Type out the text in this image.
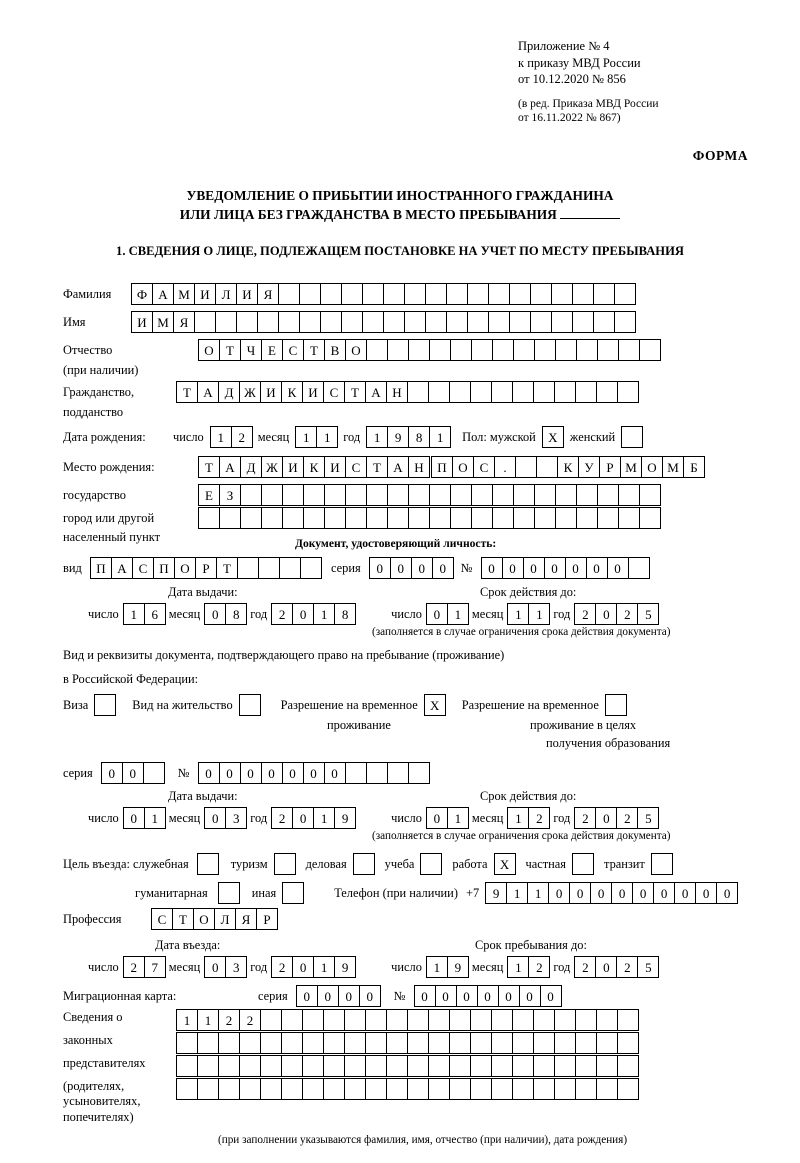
Приложение № 4
к приказу МВД России
от 10.12.2020 № 856
(в ред. Приказа МВД России
от 16.11.2022 № 867)
ФОРМА
УВЕДОМЛЕНИЕ О ПРИБЫТИИ ИНОСТРАННОГО ГРАЖДАНИНА
ИЛИ ЛИЦА БЕЗ ГРАЖДАНСТВА В МЕСТО ПРЕБЫВАНИЯ
1. СВЕДЕНИЯ О ЛИЦЕ, ПОДЛЕЖАЩЕМ ПОСТАНОВКЕ НА УЧЕТ ПО МЕСТУ ПРЕБЫВАНИЯ
Фамилия	Ф А М И Л И Я
Имя	И М Я
Отчество	О Т Ч Е С Т В О
(при наличии)
Гражданство,	Т А Д Ж И К И С Т А Н
подданство
Дата рождения:	число	1	2	месяц	1	1	год	1	9	8	1	Пол: мужской X женский
Место рождения:	Т А Д Ж И К И С Т А Н	П О С	.

	К У Р М О М Б
государство	Е	З
город или другой
населенный пункт	Документ, удостоверяющий личность:
вид	П А С П О Р	Т	серия	0	0	0	0	№	0	0	0	0	0	0	0
Дата выдачи:	Срок действия до:
число 1	6 месяц 0	8 год 2	0	1	8	число 0	1 месяц 1	1 год 2	0	2	5
(заполняется в случае ограничения срока действия документа)
Вид и реквизиты документа, подтверждающего право на пребывание (проживание)
в Российской Федерации:
Виза	Вид на жительство	Разрешение на временное X	Разрешение на временное
проживание	проживание в целях
получения образования
серия	0	0	№	0	0	0	0	0	0	0
Дата выдачи:	Срок действия до:
число 0	1 месяц 0	3 год 2	0	1	9	число 0	1 месяц 1	2 год 2	0	2	5
(заполняется в случае ограничения срока действия документа)
Цель въезда: служебная	туризм	деловая	учеба	работа X	частная	транзит
гуманитарная	иная	Телефон (при наличии) +7	9	1	1	0	0	0	0	0	0	0	0	0
Профессия	С Т О Л Я	Р
Дата въезда:	Срок пребывания до:
число 2	7 месяц 0	3 год 2	0	1	9	число 1	9 месяц 1	2 год 2	0	2	5
Миграционная карта:	серия	0	0	0	0	№	0	0	0	0	0	0	0
Сведения о
законных
представителях
(родителях,
усыновителях,
попечителях)
1	1	2	2
(при заполнении указываются фамилия, имя, отчество (при наличии), дата рождения)
